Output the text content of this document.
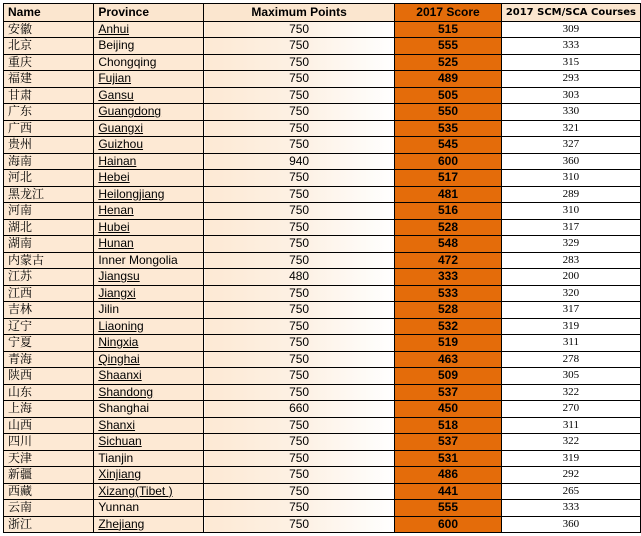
Name	Province	Maximum Points	2017 Score	2017 SCM/SCA Courses
安徽	Anhui	750	515	309
北京	Beijing	750	555	333
重庆	Chongqing	750	525	315
福建	Fujian	750	489	293
甘肃	Gansu	750	505	303
广东	Guangdong	750	550	330
广西	Guangxi	750	535	321
贵州	Guizhou	750	545	327
海南	Hainan	940	600	360
河北	Hebei	750	517	310
黑龙江	Heilongjiang	750	481	289
河南	Henan	750	516	310
湖北	Hubei	750	528	317
湖南	Hunan	750	548	329
内蒙古	Inner Mongolia	750	472	283
江苏	Jiangsu	480	333	200
江西	Jiangxi	750	533	320
吉林	Jilin	750	528	317
辽宁	Liaoning	750	532	319
宁夏	Ningxia	750	519	311
青海	Qinghai	750	463	278
陕西	Shaanxi	750	509	305
山东	Shandong	750	537	322
上海	Shanghai	660	450	270
山西	Shanxi	750	518	311
四川	Sichuan	750	537	322
天津	Tianjin	750	531	319
新疆	Xinjiang	750	486	292
西藏	Xizang(Tibet )	750	441	265
云南	Yunnan	750	555	333
浙江	Zhejiang	750	600	360
